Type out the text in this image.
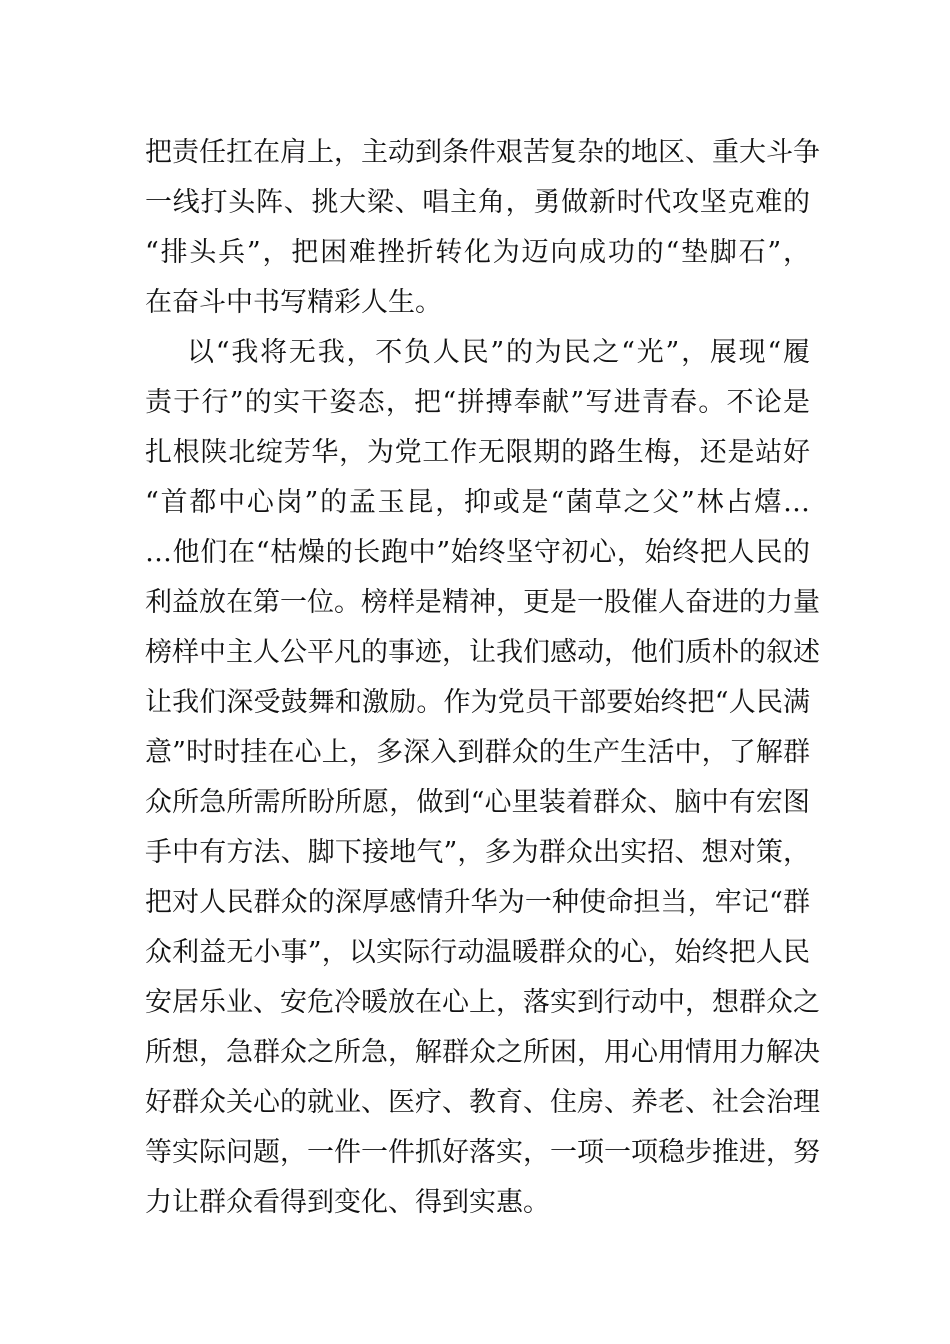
把责任扛在肩上，主动到条件艰苦复杂的地区、重大斗争
一线打头阵、挑大梁、唱主角，勇做新时代攻坚克难的
“排头兵”，把困难挫折转化为迈向成功的“垫脚石”，
在奋斗中书写精彩人生。
以“我将无我，不负人民”的为民之“光”，展现“履
责于行”的实干姿态，把“拼搏奉献”写进青春。不论是
扎根陕北绽芳华，为党工作无限期的路生梅，还是站好
“首都中心岗”的孟玉昆，抑或是“菌草之父”林占熺…
…他们在“枯燥的长跑中”始终坚守初心，始终把人民的
利益放在第一位。榜样是精神，更是一股催人奋进的力量
榜样中主人公平凡的事迹，让我们感动，他们质朴的叙述
让我们深受鼓舞和激励。作为党员干部要始终把“人民满
意”时时挂在心上，多深入到群众的生产生活中，了解群
众所急所需所盼所愿，做到“心里装着群众、脑中有宏图
手中有方法、脚下接地气”，多为群众出实招、想对策，
把对人民群众的深厚感情升华为一种使命担当，牢记“群
众利益无小事”，以实际行动温暖群众的心，始终把人民
安居乐业、安危冷暖放在心上，落实到行动中，想群众之
所想，急群众之所急，解群众之所困，用心用情用力解决
好群众关心的就业、医疗、教育、住房、养老、社会治理
等实际问题，一件一件抓好落实，一项一项稳步推进，努
力让群众看得到变化、得到实惠。
